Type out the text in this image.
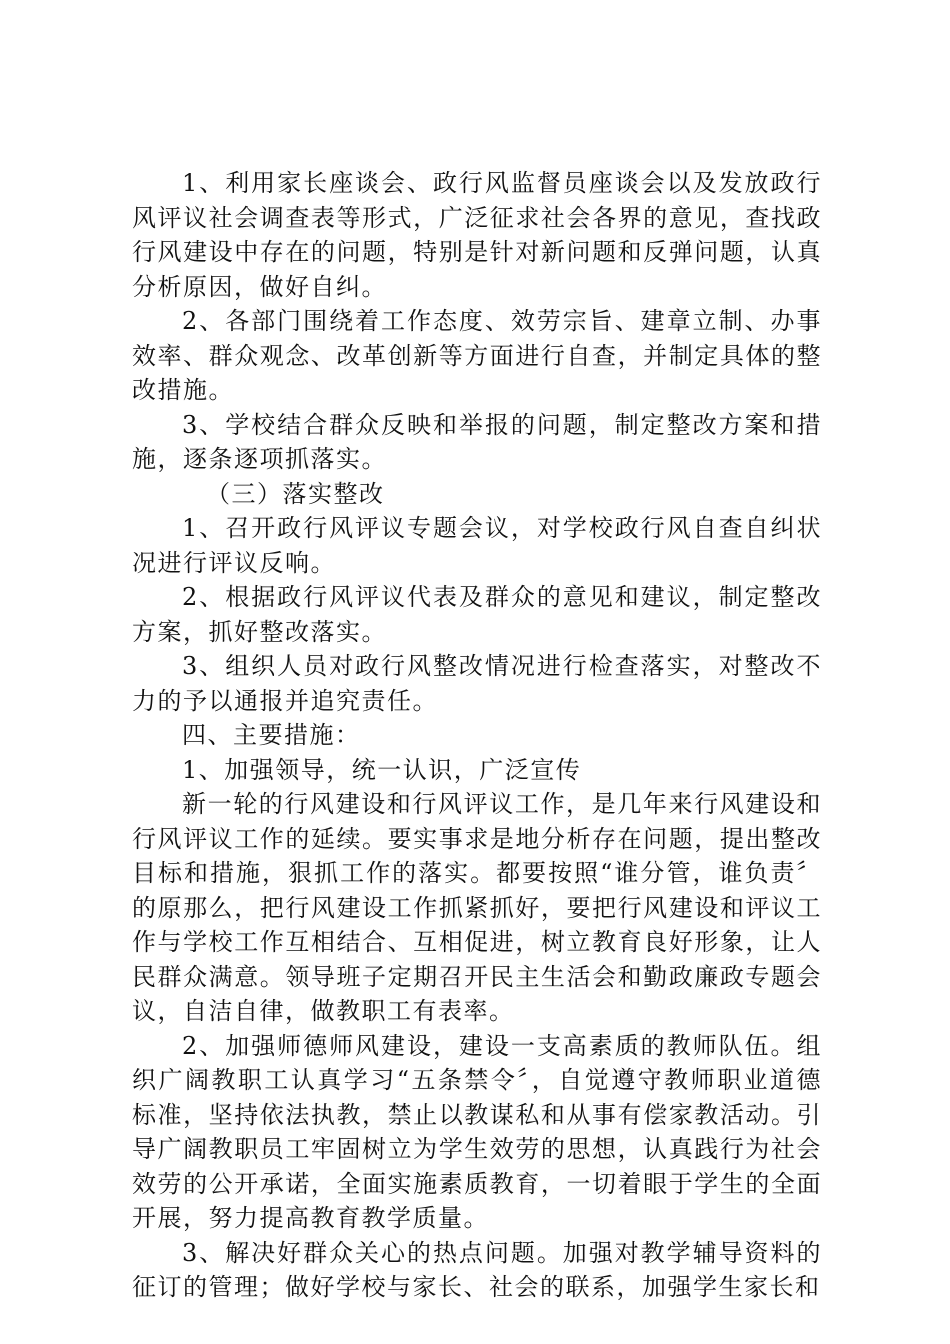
1、利用家长座谈会、政行风监督员座谈会以及发放政行风评议社会调查表等形式，广泛征求社会各界的意见，查找政行风建设中存在的问题，特别是针对新问题和反弹问题，认真分析原因，做好自纠。

2、各部门围绕着工作态度、效劳宗旨、建章立制、办事效率、群众观念、改革创新等方面进行自查，并制定具体的整改措施。

3、学校结合群众反映和举报的问题，制定整改方案和措施，逐条逐项抓落实。

（三）落实整改

1、召开政行风评议专题会议，对学校政行风自查自纠状况进行评议反响。

2、根据政行风评议代表及群众的意见和建议，制定整改方案，抓好整改落实。

3、组织人员对政行风整改情况进行检查落实，对整改不力的予以通报并追究责任。

四、主要措施：

1、加强领导，统一认识，广泛宣传

新一轮的行风建设和行风评议工作，是几年来行风建设和行风评议工作的延续。要实事求是地分析存在问题，提出整改目标和措施，狠抓工作的落实。都要按照“谁分管，谁负责〞的原那么，把行风建设工作抓紧抓好，要把行风建设和评议工作与学校工作互相结合、互相促进，树立教育良好形象，让人民群众满意。领导班子定期召开民主生活会和勤政廉政专题会议，自洁自律，做教职工有表率。

2、加强师德师风建设，建设一支高素质的教师队伍。组织广阔教职工认真学习“五条禁令〞，自觉遵守教师职业道德标准，坚持依法执教，禁止以教谋私和从事有偿家教活动。引导广阔教职员工牢固树立为学生效劳的思想，认真践行为社会效劳的公开承诺，全面实施素质教育，一切着眼于学生的全面开展，努力提高教育教学质量。

3、解决好群众关心的热点问题。加强对教学辅导资料的征订的管理；做好学校与家长、社会的联系，加强学生家长和
